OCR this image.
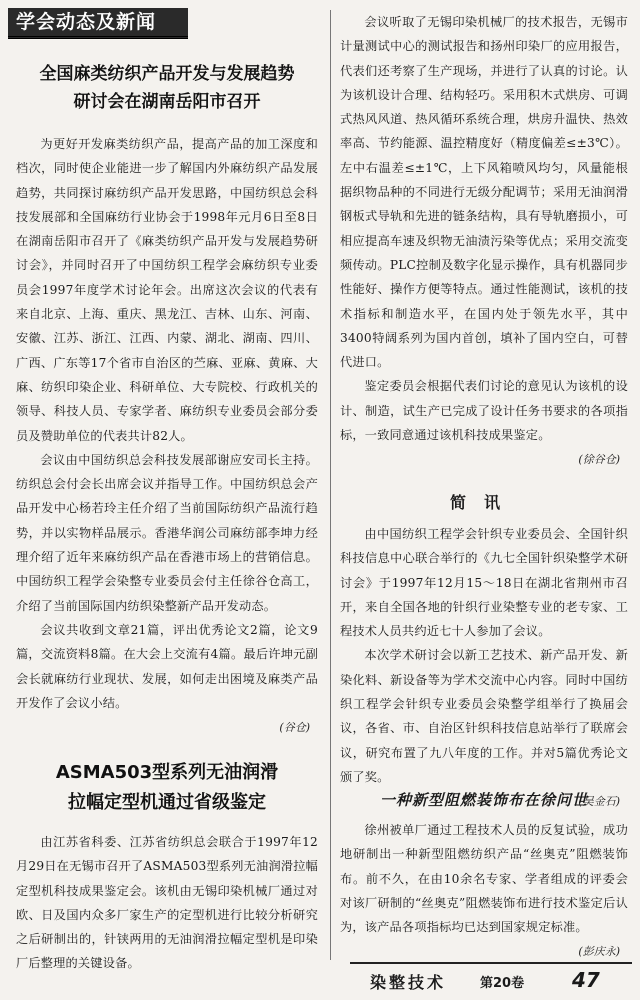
学会动态及新闻
全国麻类纺织产品开发与发展趋势
研讨会在湖南岳阳市召开

为更好开发麻类纺织产品，提高产品的加工深度和档次，同时使企业能进一步了解国内外麻纺织产品发展趋势，共同探讨麻纺织产品开发思路，中国纺织总会科技发展部和全国麻纺行业协会于1998年元月6日至8日在湖南岳阳市召开了《麻类纺织产品开发与发展趋势研讨会》，并同时召开了中国纺织工程学会麻纺织专业委员会1997年度学术讨论年会。出席这次会议的代表有来自北京、上海、重庆、黑龙江、吉林、山东、河南、安徽、江苏、浙江、江西、内蒙、湖北、湖南、四川、广西、广东等17个省市自治区的苎麻、亚麻、黄麻、大麻、纺织印染企业、科研单位、大专院校、行政机关的领导、科技人员、专家学者、麻纺织专业委员会部分委员及赞助单位的代表共计82人。

会议由中国纺织总会科技发展部谢应安司长主持。纺织总会付会长出席会议并指导工作。中国纺织总会产品开发中心杨若玲主任介绍了当前国际纺织产品流行趋势，并以实物样品展示。香港华润公司麻纺部李坤力经理介绍了近年来麻纺织产品在香港市场上的营销信息。中国纺织工程学会染整专业委员会付主任徐谷仓高工，介绍了当前国际国内纺织染整新产品开发动态。

会议共收到文章21篇，评出优秀论文2篇，论文9篇，交流资料8篇。在大会上交流有4篇。最后许坤元副会长就麻纺行业现状、发展，如何走出困境及麻类产品开发作了会议小结。

( 谷仓 )
ASMA503型系列无油润滑
拉幅定型机通过省级鉴定

由江苏省科委、江苏省纺织总会联合于1997年12月29日在无锡市召开了ASMA503型系列无油润滑拉幅定型机科技成果鉴定会。该机由无锡印染机械厂通过对欧、日及国内众多厂家生产的定型机进行比较分析研究之后研制出的，针铗两用的无油润滑拉幅定型机是印染厂后整理的关键设备。

会议听取了无锡印染机械厂的技术报告，无锡市计量测试中心的测试报告和扬州印染厂的应用报告，代表们还考察了生产现场，并进行了认真的讨论。认为该机设计合理、结构轻巧。采用积木式烘房、可调式热风风道、热风循环系统合理，烘房升温快、热效率高、节约能源、温控精度好（精度偏差≤±3℃）。左中右温差≤±1℃，上下风箱喷风均匀，风量能根据织物品种的不同进行无级分配调节；采用无油润滑钢板式导轨和先进的链条结构，具有导轨磨损小，可相应提高车速及织物无油渍污染等优点；采用交流变频传动。PLC控制及数字化显示操作，具有机器同步性能好、操作方便等特点。通过性能测试，该机的技术指标和制造水平，在国内处于领先水平，其中3400特阔系列为国内首创，填补了国内空白，可替代进口。

鉴定委员会根据代表们讨论的意见认为该机的设计、制造，试生产已完成了设计任务书要求的各项指标，一致同意通过该机科技成果鉴定。

( 徐谷仓 )
简讯

由中国纺织工程学会针织专业委员会、全国针织科技信息中心联合举行的《九七全国针织染整学术研讨会》于1997年12月15～18日在湖北省荆州市召开，来自全国各地的针织行业染整专业的老专家、工程技术人员共约近七十人参加了会议。

本次学术研讨会以新工艺技术、新产品开发、新染化料、新设备等为学术交流中心内容。同时中国纺织工程学会针织专业委员会染整学组举行了换届会议，各省、市、自治区针织科技信息站举行了联席会议，研究布置了九八年度的工作。并对5篇优秀论文颁了奖。

( 吴金石 )
一种新型阻燃装饰布在徐问世

徐州被单厂通过工程技术人员的反复试验，成功地研制出一种新型阻燃纺织产品“丝奥克”阻燃装饰布。前不久，在由10余名专家、学者组成的评委会对该厂研制的“丝奥克”阻燃装饰布进行技术鉴定后认为，该产品各项指标均已达到国家规定标准。

( 彭庆永 )
染整技术	第20卷 47
